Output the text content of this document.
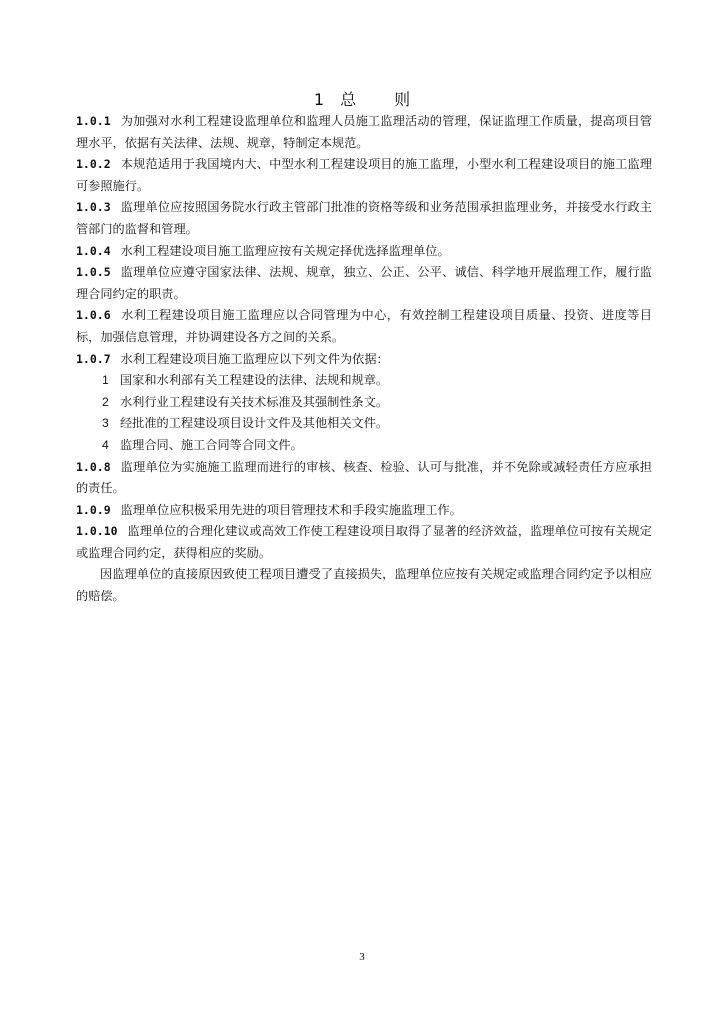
1 总 则

1.0.1 为加强对水利工程建设监理单位和监理人员施工监理活动的管理，保证监理工作质量，提高项目管理水平，依据有关法律、法规、规章，特制定本规范。

1.0.2 本规范适用于我国境内大、中型水利工程建设项目的施工监理，小型水利工程建设项目的施工监理可参照施行。

1.0.3 监理单位应按照国务院水行政主管部门批准的资格等级和业务范围承担监理业务，并接受水行政主管部门的监督和管理。

1.0.4 水利工程建设项目施工监理应按有关规定择优选择监理单位。

1.0.5 监理单位应遵守国家法律、法规、规章，独立、公正、公平、诚信、科学地开展监理工作，履行监理合同约定的职责。

1.0.6 水利工程建设项目施工监理应以合同管理为中心，有效控制工程建设项目质量、投资、进度等目标，加强信息管理，并协调建设各方之间的关系。

1.0.7 水利工程建设项目施工监理应以下列文件为依据：

1 国家和水利部有关工程建设的法律、法规和规章。

2 水利行业工程建设有关技术标准及其强制性条文。

3 经批准的工程建设项目设计文件及其他相关文件。

4 监理合同、施工合同等合同文件。

1.0.8 监理单位为实施施工监理而进行的审核、核查、检验、认可与批准，并不免除或减轻责任方应承担的责任。

1.0.9 监理单位应积极采用先进的项目管理技术和手段实施监理工作。

1.0.10 监理单位的合理化建议或高效工作使工程建设项目取得了显著的经济效益，监理单位可按有关规定或监理合同约定，获得相应的奖励。

因监理单位的直接原因致使工程项目遭受了直接损失，监理单位应按有关规定或监理合同约定予以相应的赔偿。

3
